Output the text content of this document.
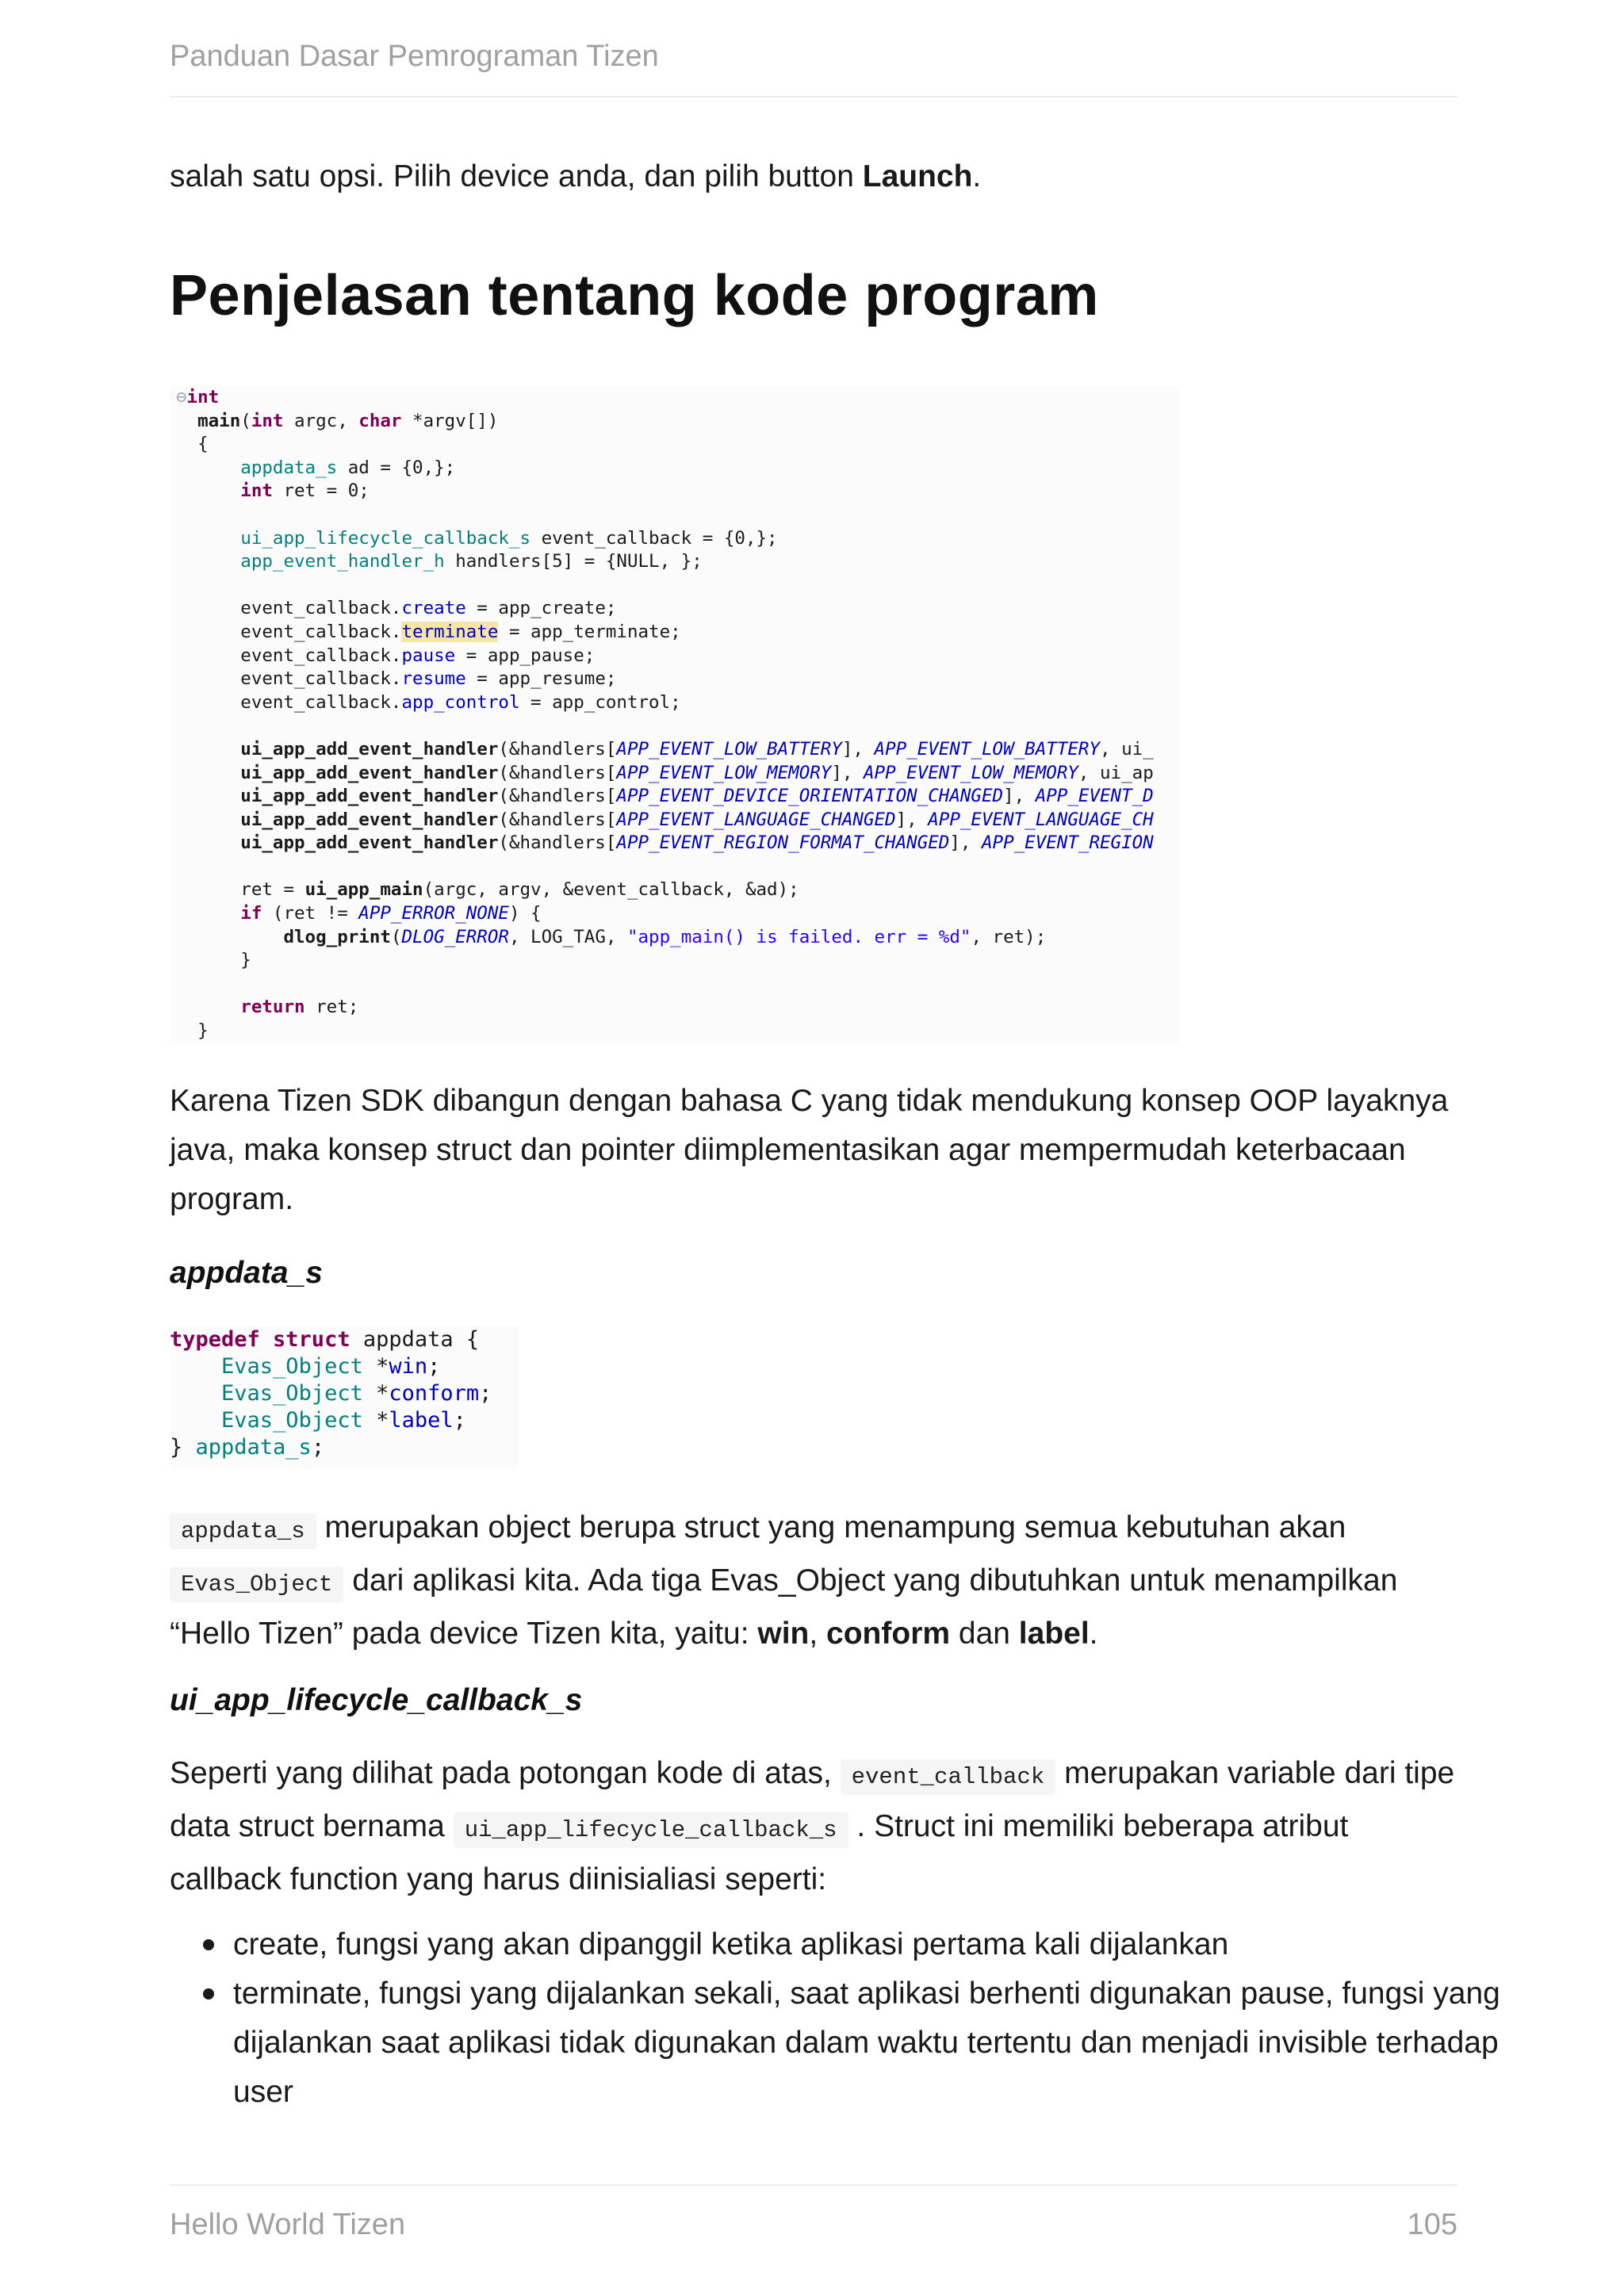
Panduan Dasar Pemrograman Tizen

salah satu opsi. Pilih device anda, dan pilih button Launch.

Penjelasan tentang kode program
⊖int
main(int argc, char *argv[])
{
appdata_s ad = {0,};
int ret = 0;

ui_app_lifecycle_callback_s event_callback = {0,};
app_event_handler_h handlers[5] = {NULL, };

event_callback.create = app_create;
event_callback.terminate = app_terminate;
event_callback.pause = app_pause;
event_callback.resume = app_resume;
event_callback.app_control = app_control;

ui_app_add_event_handler(&handlers[APP_EVENT_LOW_BATTERY], APP_EVENT_LOW_BATTERY, ui_
ui_app_add_event_handler(&handlers[APP_EVENT_LOW_MEMORY], APP_EVENT_LOW_MEMORY, ui_ap
ui_app_add_event_handler(&handlers[APP_EVENT_DEVICE_ORIENTATION_CHANGED], APP_EVENT_D
ui_app_add_event_handler(&handlers[APP_EVENT_LANGUAGE_CHANGED], APP_EVENT_LANGUAGE_CH
ui_app_add_event_handler(&handlers[APP_EVENT_REGION_FORMAT_CHANGED], APP_EVENT_REGION

ret = ui_app_main(argc, argv, &event_callback, &ad);
if (ret != APP_ERROR_NONE) {
dlog_print(DLOG_ERROR, LOG_TAG, "app_main() is failed. err = %d", ret);
}

return ret;
}

Karena Tizen SDK dibangun dengan bahasa C yang tidak mendukung konsep OOP layaknya java, maka konsep struct dan pointer diimplementasikan agar mempermudah keterbacaan program.

appdata_s
typedef struct appdata {
Evas_Object *win;
Evas_Object *conform;
Evas_Object *label;
} appdata_s;

appdata_s merupakan object berupa struct yang menampung semua kebutuhan akan Evas_Object dari aplikasi kita. Ada tiga Evas_Object yang dibutuhkan untuk menampilkan “Hello Tizen” pada device Tizen kita, yaitu: win, conform dan label.

ui_app_lifecycle_callback_s

Seperti yang dilihat pada potongan kode di atas, event_callback merupakan variable dari tipe data struct bernama ui_app_lifecycle_callback_s . Struct ini memiliki beberapa atribut callback function yang harus diinisialiasi seperti:

create, fungsi yang akan dipanggil ketika aplikasi pertama kali dijalankan
terminate, fungsi yang dijalankan sekali, saat aplikasi berhenti digunakan pause, fungsi yang dijalankan saat aplikasi tidak digunakan dalam waktu tertentu dan menjadi invisible terhadap user
Hello World Tizen	105
